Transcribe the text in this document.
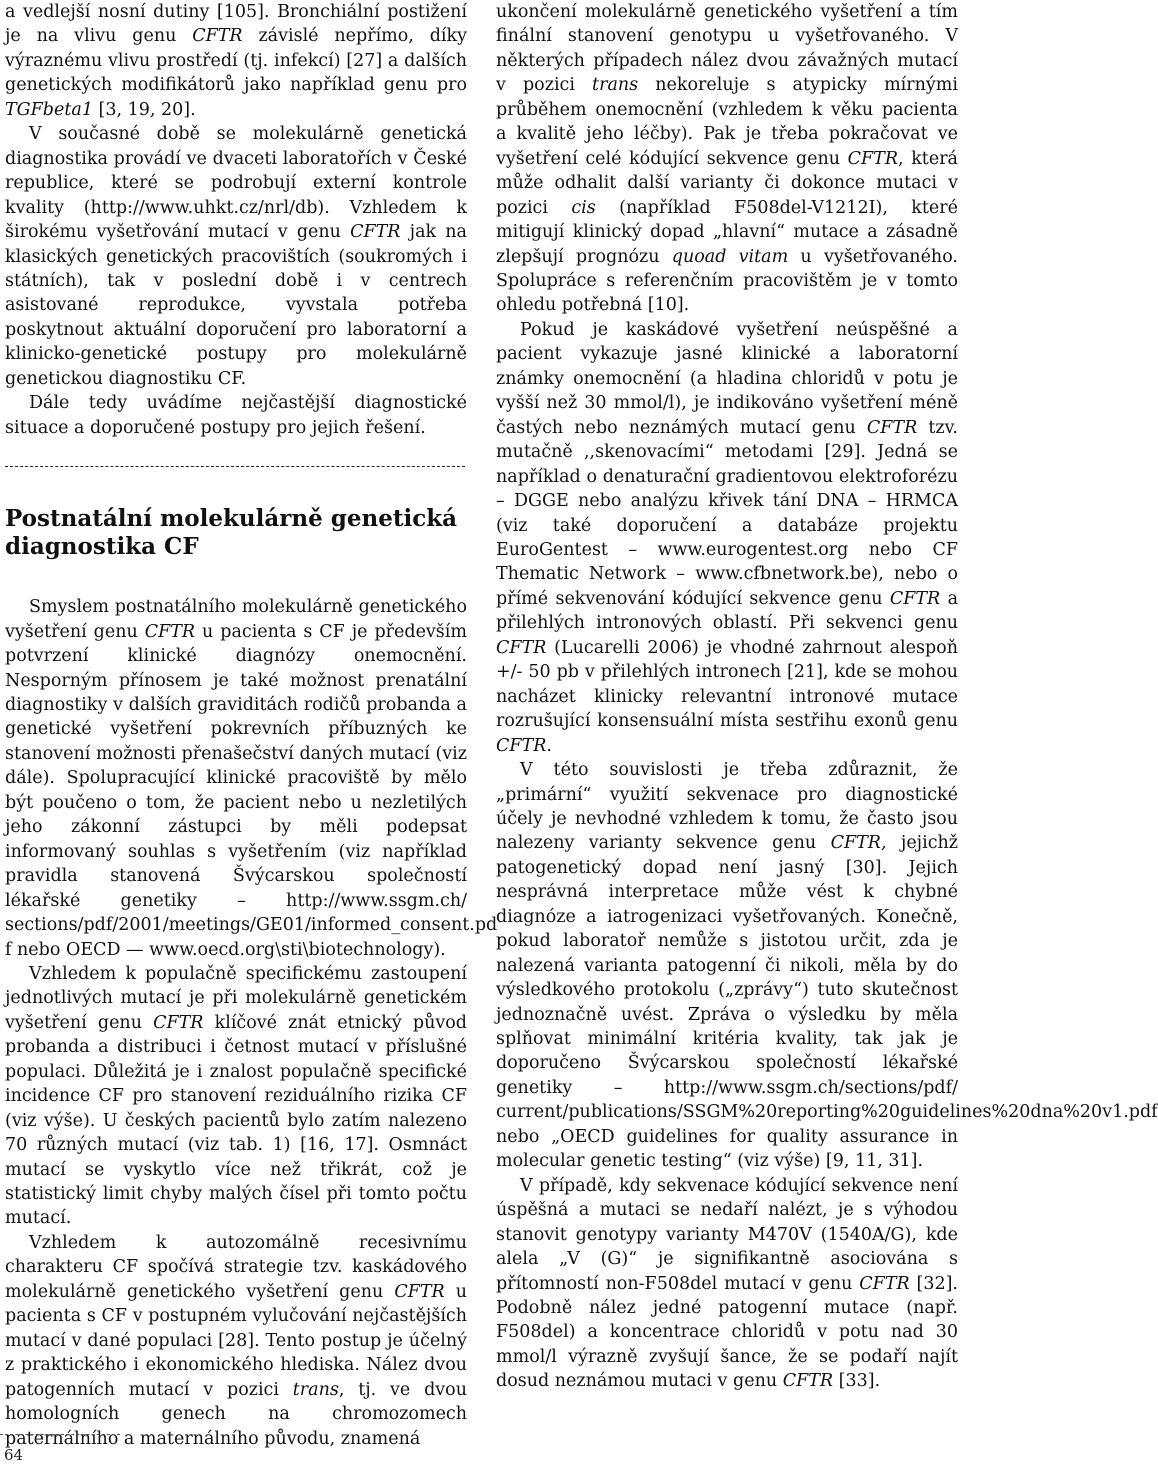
a vedlejší nosní dutiny [105]. Bronchiální postižení je na vlivu genu CFTR závislé nepřímo, díky výraznému vlivu prostředí (tj. infekcí) [27] a dalších genetických modifikátorů jako například genu pro TGFbeta1 [3, 19, 20].

V současné době se molekulárně genetická diagnostika provádí ve dvaceti laboratořích v České republice, které se podrobují externí kontrole kvality (http://www.uhkt.cz/nrl/db). Vzhledem k širokému vyšetřování mutací v genu CFTR jak na klasických genetických pracovištích (soukromých i státních), tak v poslední době i v centrech asistované reprodukce, vyvstala potřeba poskytnout aktuální doporučení pro laboratorní a klinicko-genetické postupy pro molekulárně genetickou diagnostiku CF.

Dále tedy uvádíme nejčastější diagnostické situace a doporučené postupy pro jejich řešení.

Postnatální molekulárně genetická diagnostika CF

Smyslem postnatálního molekulárně genetického vyšetření genu CFTR u pacienta s CF je především potvrzení klinické diagnózy onemocnění. Nesporným přínosem je také možnost prenatální diagnostiky v dalších graviditách rodičů probanda a genetické vyšetření pokrevních příbuzných ke stanovení možnosti přenašečství daných mutací (viz dále). Spolupracující klinické pracoviště by mělo být poučeno o tom, že pacient nebo u nezletilých jeho zákonní zástupci by měli podepsat informovaný souhlas s vyšetřením (viz například pravidla stanovená Švýcarskou společností lékařské genetiky – http://www.ssgm.ch/ sections/pdf/2001/meetings/GE01/informed_consent.pd f nebo OECD — www.oecd.org\sti\biotechnology).

Vzhledem k populačně specifickému zastoupení jednotlivých mutací je při molekulárně genetickém vyšetření genu CFTR klíčové znát etnický původ probanda a distribuci i četnost mutací v příslušné populaci. Důležitá je i znalost populačně specifické incidence CF pro stanovení reziduálního rizika CF (viz výše). U českých pacientů bylo zatím nalezeno 70 různých mutací (viz tab. 1) [16, 17]. Osmnáct mutací se vyskytlo více než třikrát, což je statistický limit chyby malých čísel při tomto počtu mutací.

Vzhledem k autozomálně recesivnímu charakteru CF spočívá strategie tzv. kaskádového molekulárně genetického vyšetření genu CFTR u pacienta s CF v postupném vylučování nejčastějších mutací v dané populaci [28]. Tento postup je účelný z praktického i ekonomického hlediska. Nález dvou patogenních mutací v pozici trans, tj. ve dvou homologních genech na chromozomech paternálního a maternálního původu, znamená

ukončení molekulárně genetického vyšetření a tím finální stanovení genotypu u vyšetřovaného. V některých případech nález dvou závažných mutací v pozici trans nekoreluje s atypicky mírnými průběhem onemocnění (vzhledem k věku pacienta a kvalitě jeho léčby). Pak je třeba pokračovat ve vyšetření celé kódující sekvence genu CFTR, která může odhalit další varianty či dokonce mutaci v pozici cis (například F508del-V1212I), které mitigují klinický dopad „hlavní“ mutace a zásadně zlepšují prognózu quoad vitam u vyšetřovaného. Spolupráce s referenčním pracovištěm je v tomto ohledu potřebná [10].

Pokud je kaskádové vyšetření neúspěšné a pacient vykazuje jasné klinické a laboratorní známky onemocnění (a hladina chloridů v potu je vyšší než 30 mmol/l), je indikováno vyšetření méně častých nebo neznámých mutací genu CFTR tzv. mutačně ,,skenovacími“ metodami [29]. Jedná se například o denaturační gradientovou elektroforézu – DGGE nebo analýzu křivek tání DNA – HRMCA (viz také doporučení a databáze projektu EuroGentest – www.eurogentest.org nebo CF Thematic Network – www.cfbnetwork.be), nebo o přímé sekvenování kódující sekvence genu CFTR a přilehlých intronových oblastí. Při sekvenci genu CFTR (Lucarelli 2006) je vhodné zahrnout alespoň +/- 50 pb v přilehlých intronech [21], kde se mohou nacházet klinicky relevantní intronové mutace rozrušující konsensuální místa sestřihu exonů genu CFTR.

V této souvislosti je třeba zdůraznit, že „primární“ využití sekvenace pro diagnostické účely je nevhodné vzhledem k tomu, že často jsou nalezeny varianty sekvence genu CFTR, jejichž patogenetický dopad není jasný [30]. Jejich nesprávná interpretace může vést k chybné diagnóze a iatrogenizaci vyšetřovaných. Konečně, pokud laboratoř nemůže s jistotou určit, zda je nalezená varianta patogenní či nikoli, měla by do výsledkového protokolu („zprávy“) tuto skutečnost jednoznačně uvést. Zpráva o výsledku by měla splňovat minimální kritéria kvality, tak jak je doporučeno Švýcarskou společností lékařské genetiky – http://www.ssgm.ch/sections/pdf/ current/publications/SSGM%20reporting%20guidelines%20dna%20v1.pdf nebo „OECD guidelines for quality assurance in molecular genetic testing“ (viz výše) [9, 11, 31].

V případě, kdy sekvenace kódující sekvence není úspěšná a mutaci se nedaří nalézt, je s výhodou stanovit genotypy varianty M470V (1540A/G), kde alela „V (G)“ je signifikantně asociována s přítomností non-F508del mutací v genu CFTR [32]. Podobně nález jedné patogenní mutace (např. F508del) a koncentrace chloridů v potu nad 30 mmol/l výrazně zvyšují šance, že se podaří najít dosud neznámou mutaci v genu CFTR [33].

64
